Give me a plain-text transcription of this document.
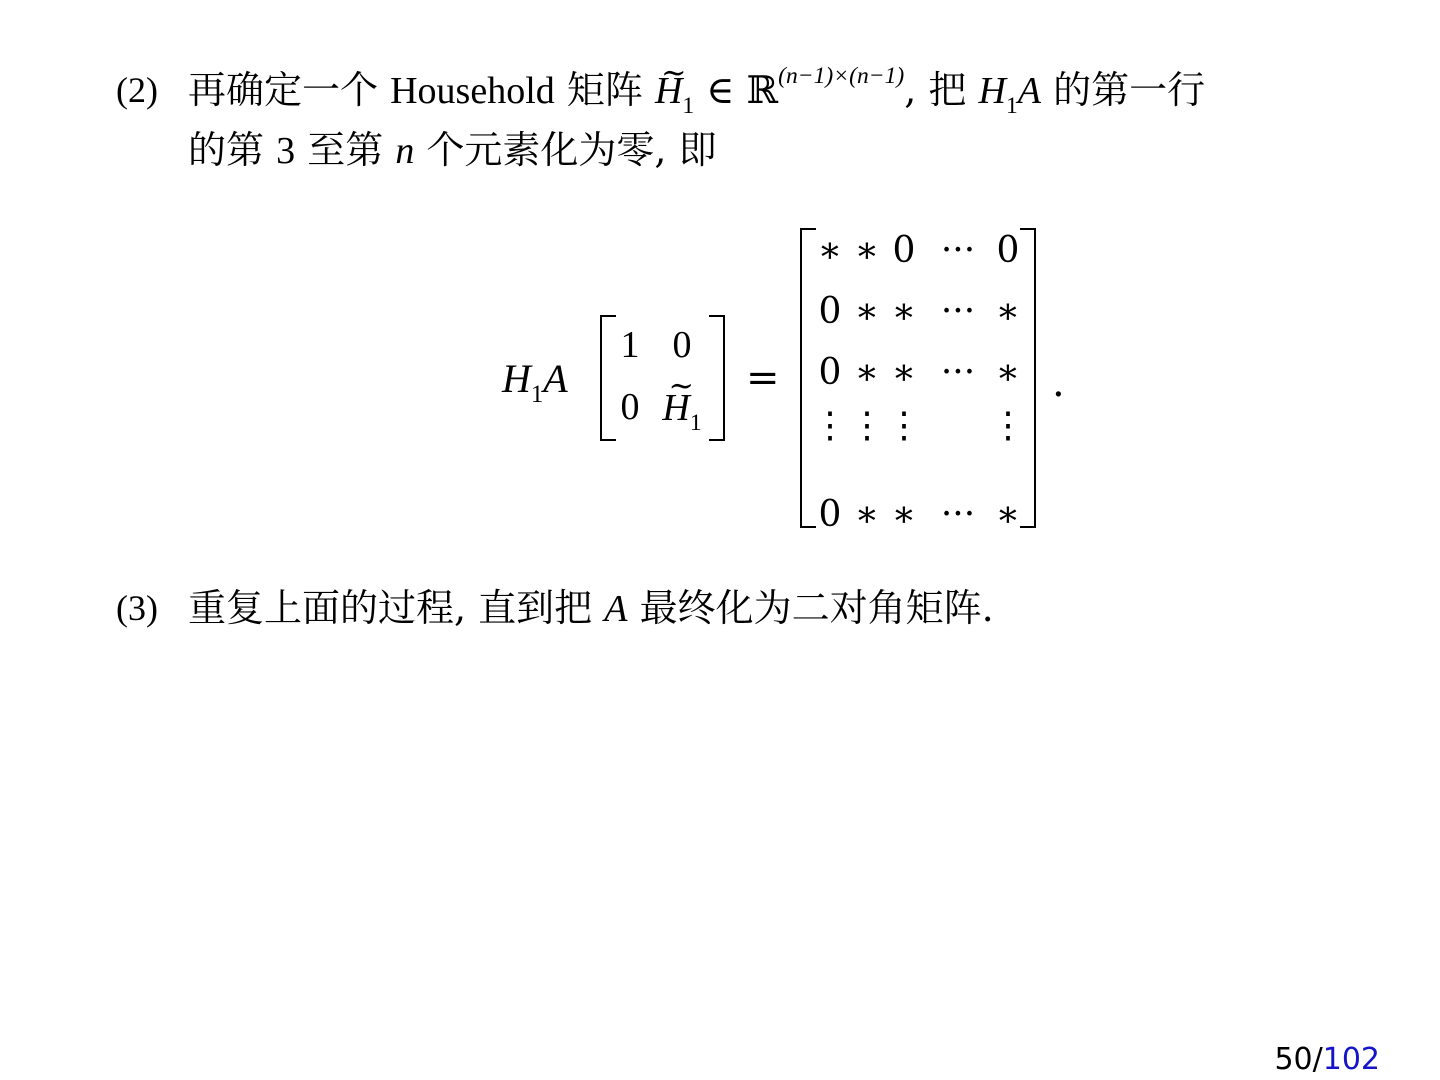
(2) 再确定一个 Household 矩阵 ~ $H_1$ ∈ ℝ$^{(n-1)\times(n-1)}$, 把 $H_1A$ 的第一行
的第 3 至第 n 个元素化为零, 即
$H_1A$
1 0
0 ~ $H_1$
=
∗ ∗ 0 ··· 0
0 ∗ ∗ ··· ∗
0 ∗ ∗ ··· ∗
⋮ ⋮ ⋮ ⋮
0 ∗ ∗ ··· ∗
.
(3) 重复上面的过程, 直到把 A 最终化为二对角矩阵.
50/102
